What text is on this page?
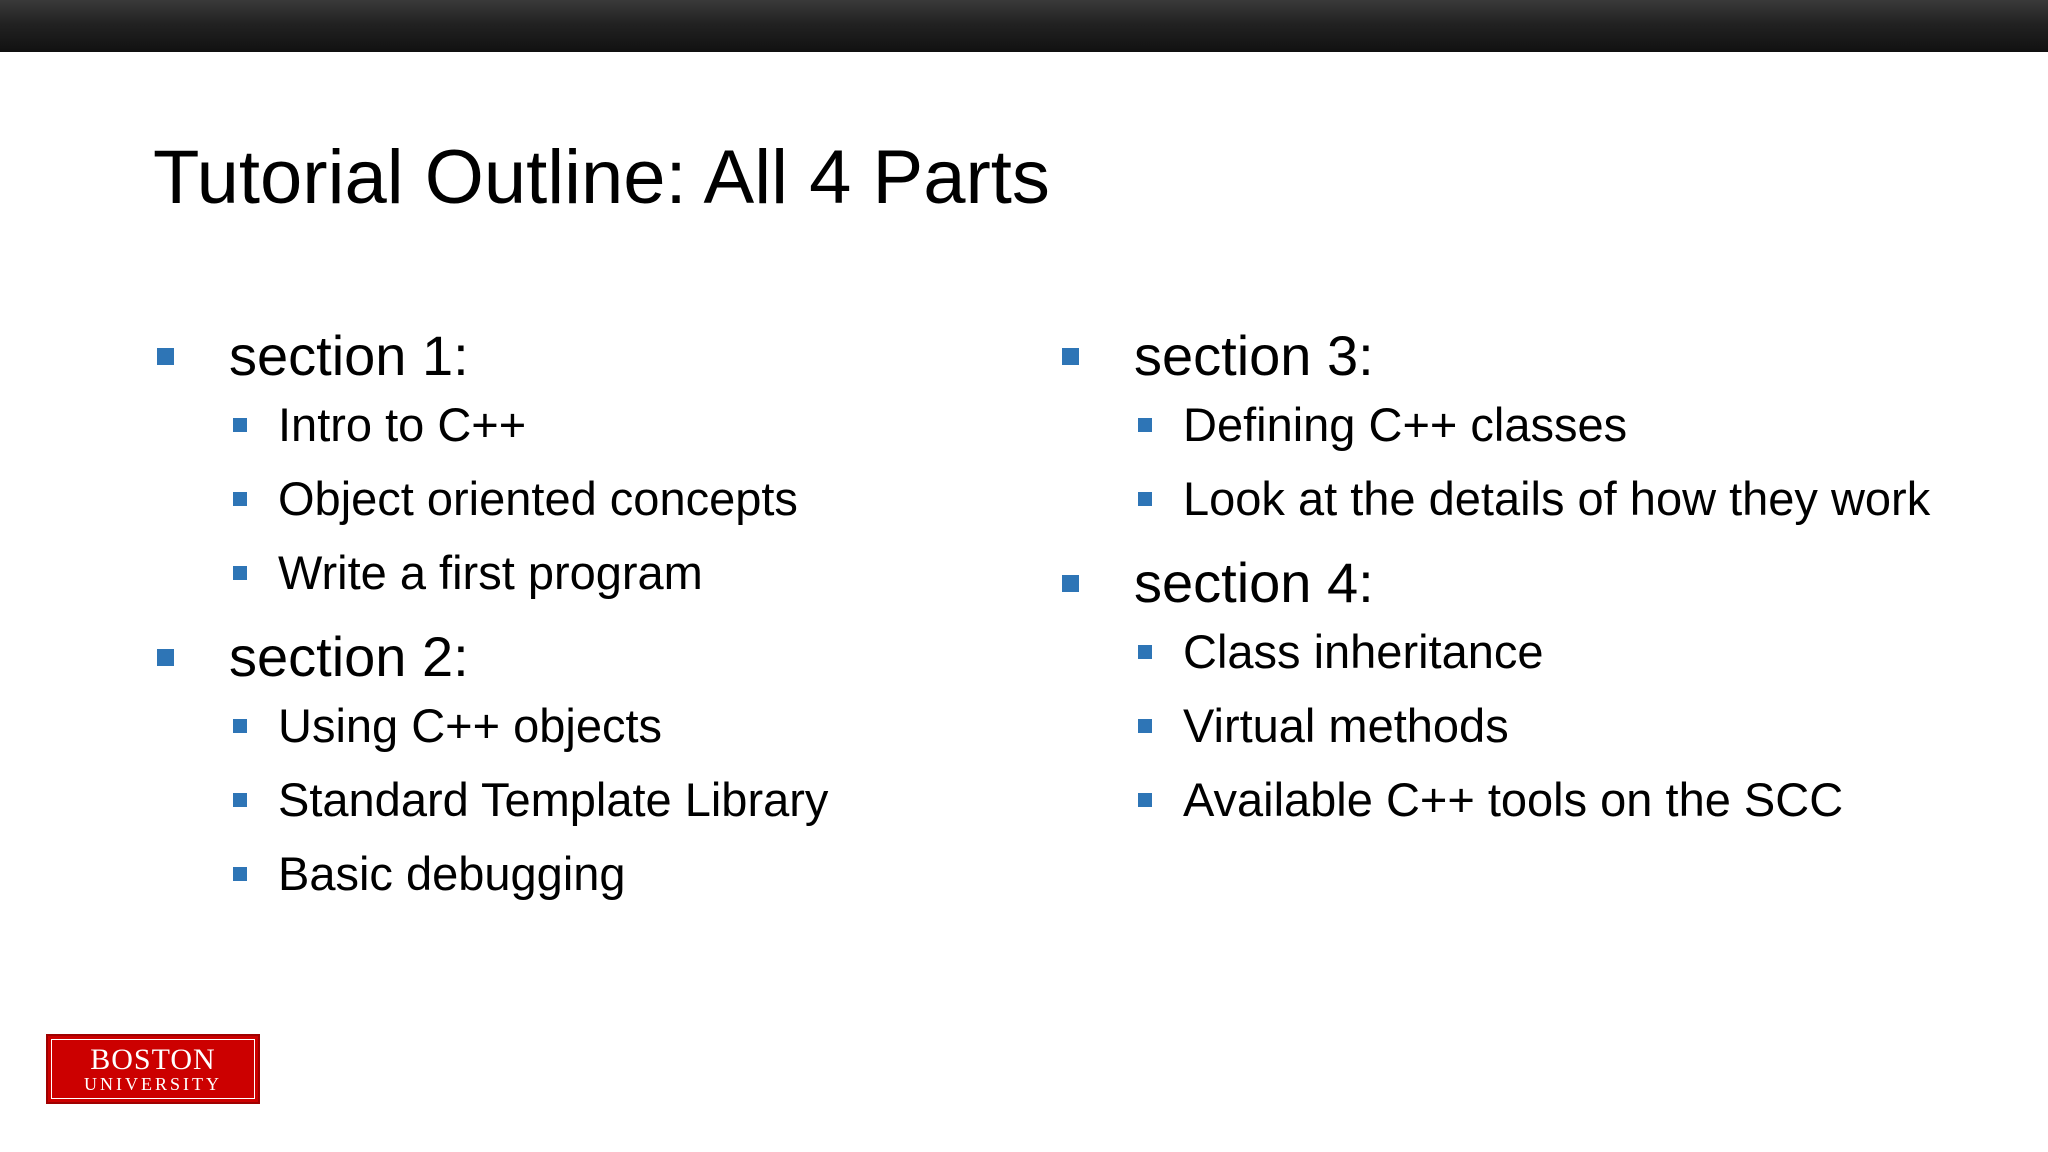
Tutorial Outline: All 4 Parts
section 1:
Intro to C++
Object oriented concepts
Write a first program
section 2:
Using C++ objects
Standard Template Library
Basic debugging
section 3:
Defining C++ classes
Look at the details of how they work
section 4:
Class inheritance
Virtual methods
Available C++ tools on the SCC
BOSTON
UNIVERSITY
